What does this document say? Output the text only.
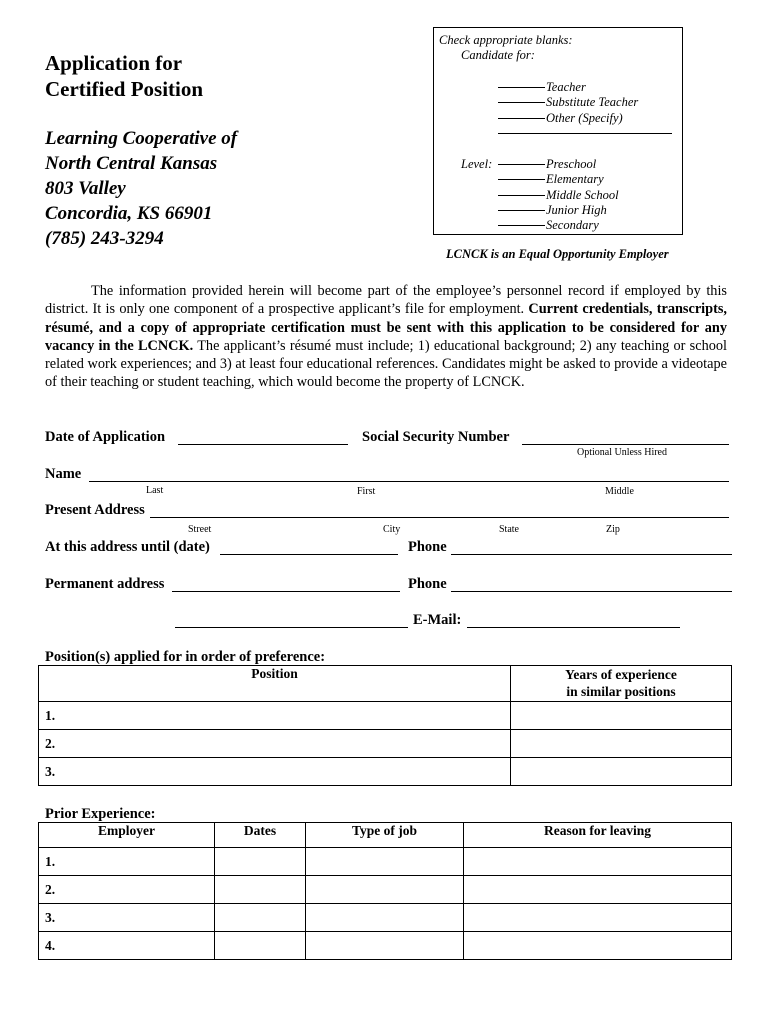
Application for
Certified Position
Learning Cooperative of
North Central Kansas
803 Valley
Concordia, KS 66901
(785) 243-3294
Check appropriate blanks:
Candidate for:
Teacher
Substitute Teacher
Other (Specify)
Level:	Preschool
Elementary
Middle School
Junior High
Secondary
LCNCK is an Equal Opportunity Employer
The information provided herein will become part of the employee’s personnel record if employed by this district. It is only one component of a prospective applicant’s file for employment. Current credentials, transcripts, résumé, and a copy of appropriate certification must be sent with this application to be considered for any vacancy in the LCNCK. The applicant’s résumé must include; 1) educational background; 2) any teaching or school related work experiences; and 3) at least four educational references. Candidates might be asked to provide a videotape of their teaching or student teaching, which would become the property of LCNCK.
Date of Application	Social Security Number
Optional Unless Hired
Name
Last	First	Middle
Present Address
Street	City	State	Zip
At this address until (date)	Phone
Permanent address	Phone
E-Mail:
Position(s) applied for in order of preference:
Position	Years of experience
in similar positions

1.	
2.	
3.	
Prior Experience:
Employer	Dates	Type of job	Reason for leaving
1.			
2.			
3.			
4.			
